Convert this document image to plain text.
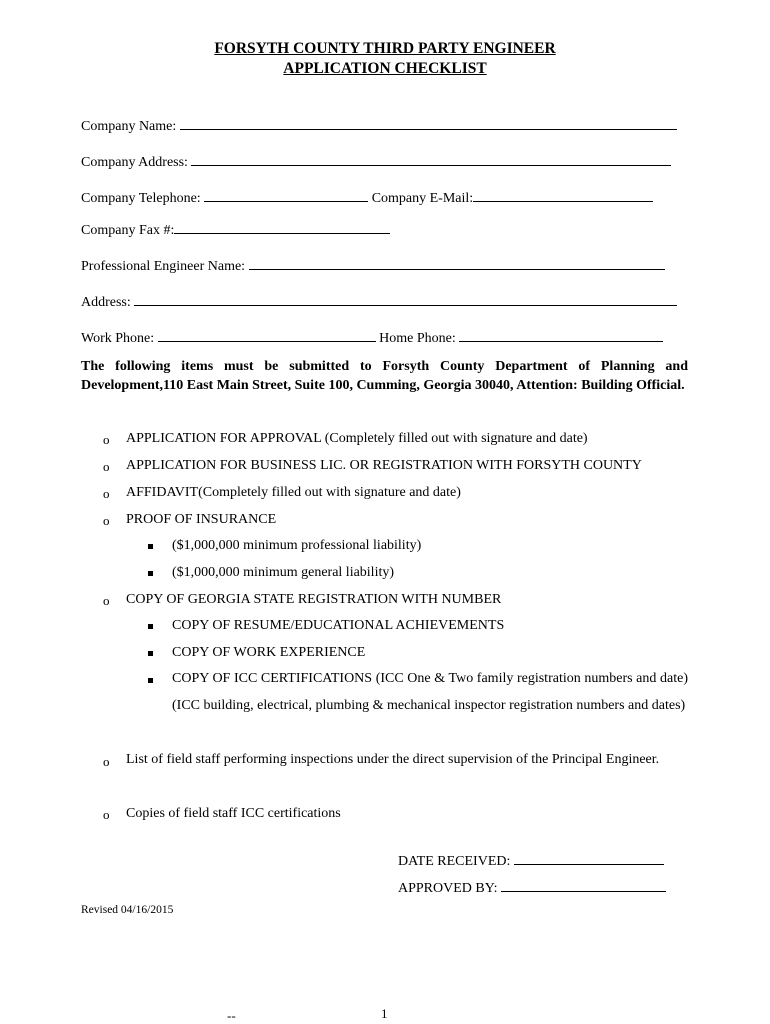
FORSYTH COUNTY THIRD PARTY ENGINEER
APPLICATION CHECKLIST
Company Name:
Company Address:
Company Telephone:	Company E-Mail:
Company Fax #:
Professional Engineer Name:
Address:
Work Phone:	Home Phone:
The following items must be submitted to Forsyth County Department of Planning and Development,110 East Main Street, Suite 100, Cumming, Georgia 30040, Attention: Building Official.
o APPLICATION FOR APPROVAL (Completely filled out with signature and date)
o APPLICATION FOR BUSINESS LIC. OR REGISTRATION WITH FORSYTH COUNTY
o AFFIDAVIT(Completely filled out with signature and date)
o PROOF OF INSURANCE
($1,000,000 minimum professional liability)
($1,000,000 minimum general liability)
o COPY OF GEORGIA STATE REGISTRATION WITH NUMBER
COPY OF RESUME/EDUCATIONAL ACHIEVEMENTS
COPY OF WORK EXPERIENCE
COPY OF ICC CERTIFICATIONS (ICC One & Two family registration numbers and date)(ICC building, electrical, plumbing & mechanical inspector registration numbers and dates)
o List of field staff performing inspections under the direct supervision of the Principal Engineer.
o Copies of field staff ICC certifications
DATE RECEIVED:
APPROVED BY:
Revised 04/16/2015
--	1
